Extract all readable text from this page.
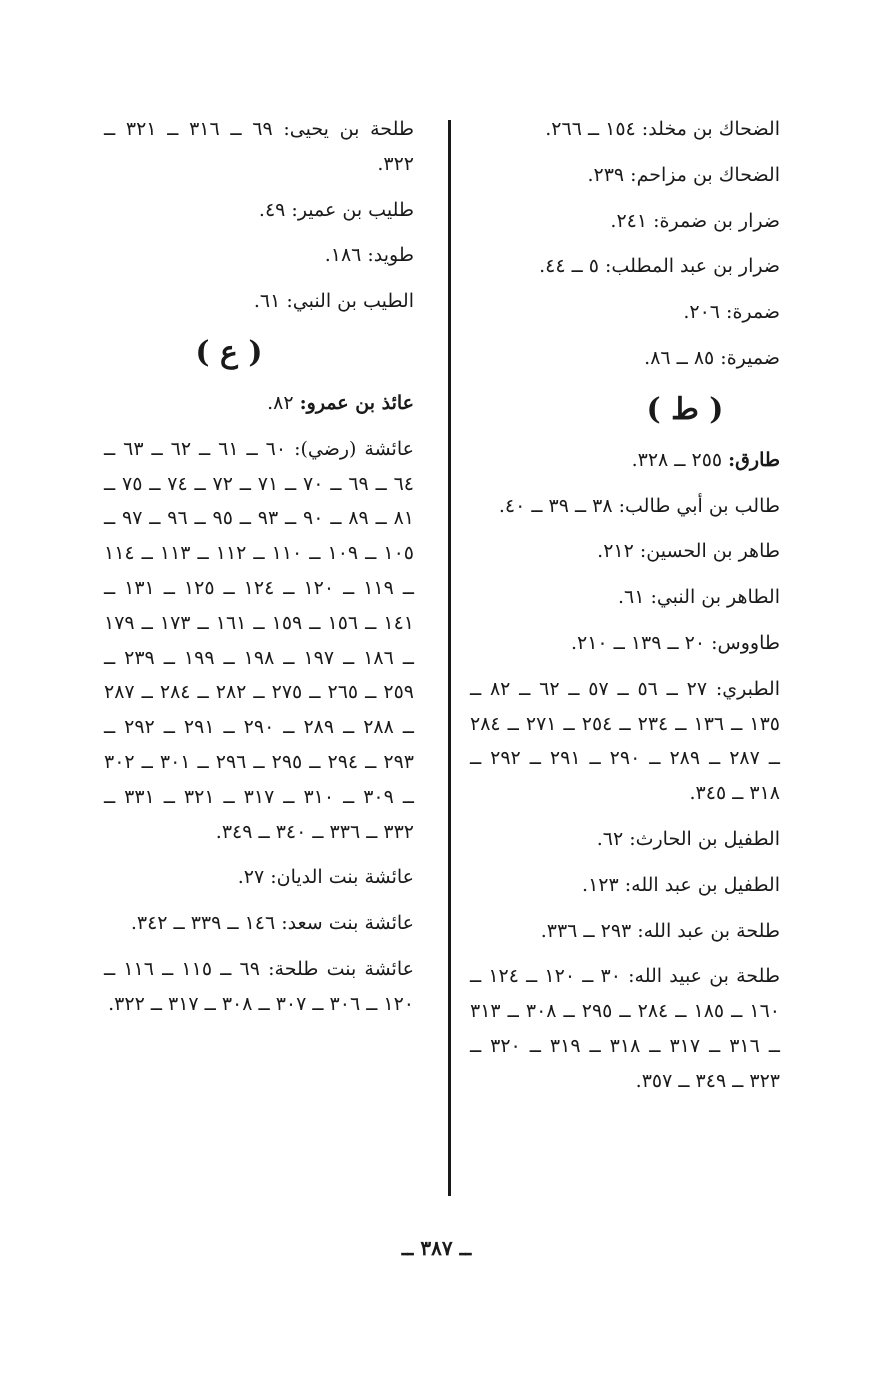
الضحاك بن مخلد: ١٥٤ ــ ٢٦٦.

الضحاك بن مزاحم: ٢٣٩.

ضرار بن ضمرة: ٢٤١.

ضرار بن عبد المطلب: ٥ ــ ٤٤.

ضمرة: ٢٠٦.

ضميرة: ٨٥ ــ ٨٦.

( ط )

طارق: ٢٥٥ ــ ٣٢٨.

طالب بن أبي طالب: ٣٨ ــ ٣٩ ــ ٤٠.

طاهر بن الحسين: ٢١٢.

الطاهر بن النبي: ٦١.

طاووس: ٢٠ ــ ١٣٩ ــ ٢١٠.

الطبري: ٢٧ ــ ٥٦ ــ ٥٧ ــ ٦٢ ــ ٨٢ ــ ١٣٥ ــ ١٣٦ ــ ٢٣٤ ــ ٢٥٤ ــ ٢٧١ ــ ٢٨٤ ــ ٢٨٧ ــ ٢٨٩ ــ ٢٩٠ ــ ٢٩١ ــ ٢٩٢ ــ ٣١٨ ــ ٣٤٥.

الطفيل بن الحارث: ٦٢.

الطفيل بن عبد الله: ١٢٣.

طلحة بن عبد الله: ٢٩٣ ــ ٣٣٦.

طلحة بن عبيد الله: ٣٠ ــ ١٢٠ ــ ١٢٤ ــ ١٦٠ ــ ١٨٥ ــ ٢٨٤ ــ ٢٩٥ ــ ٣٠٨ ــ ٣١٣ ــ ٣١٦ ــ ٣١٧ ــ ٣١٨ ــ ٣١٩ ــ ٣٢٠ ــ ٣٢٣ ــ ٣٤٩ ــ ٣٥٧.

طلحة بن يحيى: ٦٩ ــ ٣١٦ ــ ٣٢١ ــ ٣٢٢.

طليب بن عمير: ٤٩.

طويد: ١٨٦.

الطيب بن النبي: ٦١.

( ع )

عائذ بن عمرو: ٨٢.

عائشة (رضي): ٦٠ ــ ٦١ ــ ٦٢ ــ ٦٣ ــ ٦٤ ــ ٦٩ ــ ٧٠ ــ ٧١ ــ ٧٢ ــ ٧٤ ــ ٧٥ ــ ٨١ ــ ٨٩ ــ ٩٠ ــ ٩٣ ــ ٩٥ ــ ٩٦ ــ ٩٧ ــ ١٠٥ ــ ١٠٩ ــ ١١٠ ــ ١١٢ ــ ١١٣ ــ ١١٤ ــ ١١٩ ــ ١٢٠ ــ ١٢٤ ــ ١٢٥ ــ ١٣١ ــ ١٤١ ــ ١٥٦ ــ ١٥٩ ــ ١٦١ ــ ١٧٣ ــ ١٧٩ ــ ١٨٦ ــ ١٩٧ ــ ١٩٨ ــ ١٩٩ ــ ٢٣٩ ــ ٢٥٩ ــ ٢٦٥ ــ ٢٧٥ ــ ٢٨٢ ــ ٢٨٤ ــ ٢٨٧ ــ ٢٨٨ ــ ٢٨٩ ــ ٢٩٠ ــ ٢٩١ ــ ٢٩٢ ــ ٢٩٣ ــ ٢٩٤ ــ ٢٩٥ ــ ٢٩٦ ــ ٣٠١ ــ ٣٠٢ ــ ٣٠٩ ــ ٣١٠ ــ ٣١٧ ــ ٣٢١ ــ ٣٣١ ــ ٣٣٢ ــ ٣٣٦ ــ ٣٤٠ ــ ٣٤٩.

عائشة بنت الديان: ٢٧.

عائشة بنت سعد: ١٤٦ ــ ٣٣٩ ــ ٣٤٢.

عائشة بنت طلحة: ٦٩ ــ ١١٥ ــ ١١٦ ــ ١٢٠ ــ ٣٠٦ ــ ٣٠٧ ــ ٣٠٨ ــ ٣١٧ ــ ٣٢٢.

ــ ٣٨٧ ــ
